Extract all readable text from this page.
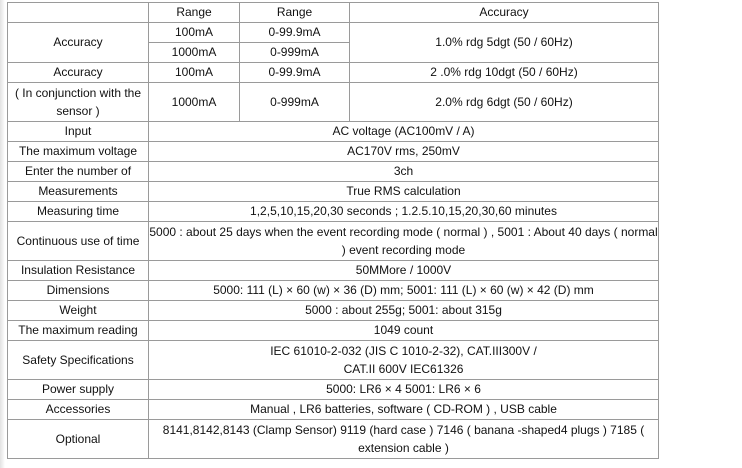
	Range	Range	Accuracy
Accuracy	100mA	0-99.9mA	1.0% rdg 5dgt (50 / 60Hz)
	1000mA	0-999mA	
Accuracy	100mA	0-99.9mA	2 .0% rdg 10dgt (50 / 60Hz)
( In conjunction with the sensor )	1000mA	0-999mA	2.0% rdg 6dgt (50 / 60Hz)
Input	AC voltage (AC100mV / A)		
The maximum voltage	AC170V rms, 250mV		
Enter the number of	3ch		
Measurements	True RMS calculation		
Measuring time	1,2,5,10,15,20,30 seconds ; 1.2.5.10,15,20,30,60 minutes		
Continuous use of time	5000 : about 25 days when the event recording mode ( normal ) , 5001 : About 40 days ( normal ) event recording mode		
Insulation Resistance	50MMore / 1000V		
Dimensions	5000: 111 (L) × 60 (w) × 36 (D) mm; 5001: 111 (L) × 60 (w) × 42 (D) mm		
Weight	5000 : about 255g; 5001: about 315g		
The maximum reading	1049 count		
Safety Specifications	IEC 61010-2-032 (JIS C 1010-2-32), CAT.III300V / CAT.II 600V IEC61326		
Power supply	5000: LR6 × 4 5001: LR6 × 6		
Accessories	Manual , LR6 batteries, software ( CD-ROM ) , USB cable		
Optional	8141,8142,8143 (Clamp Sensor) 9119 (hard case ) 7146 ( banana -shaped4 plugs ) 7185 ( extension cable )		
